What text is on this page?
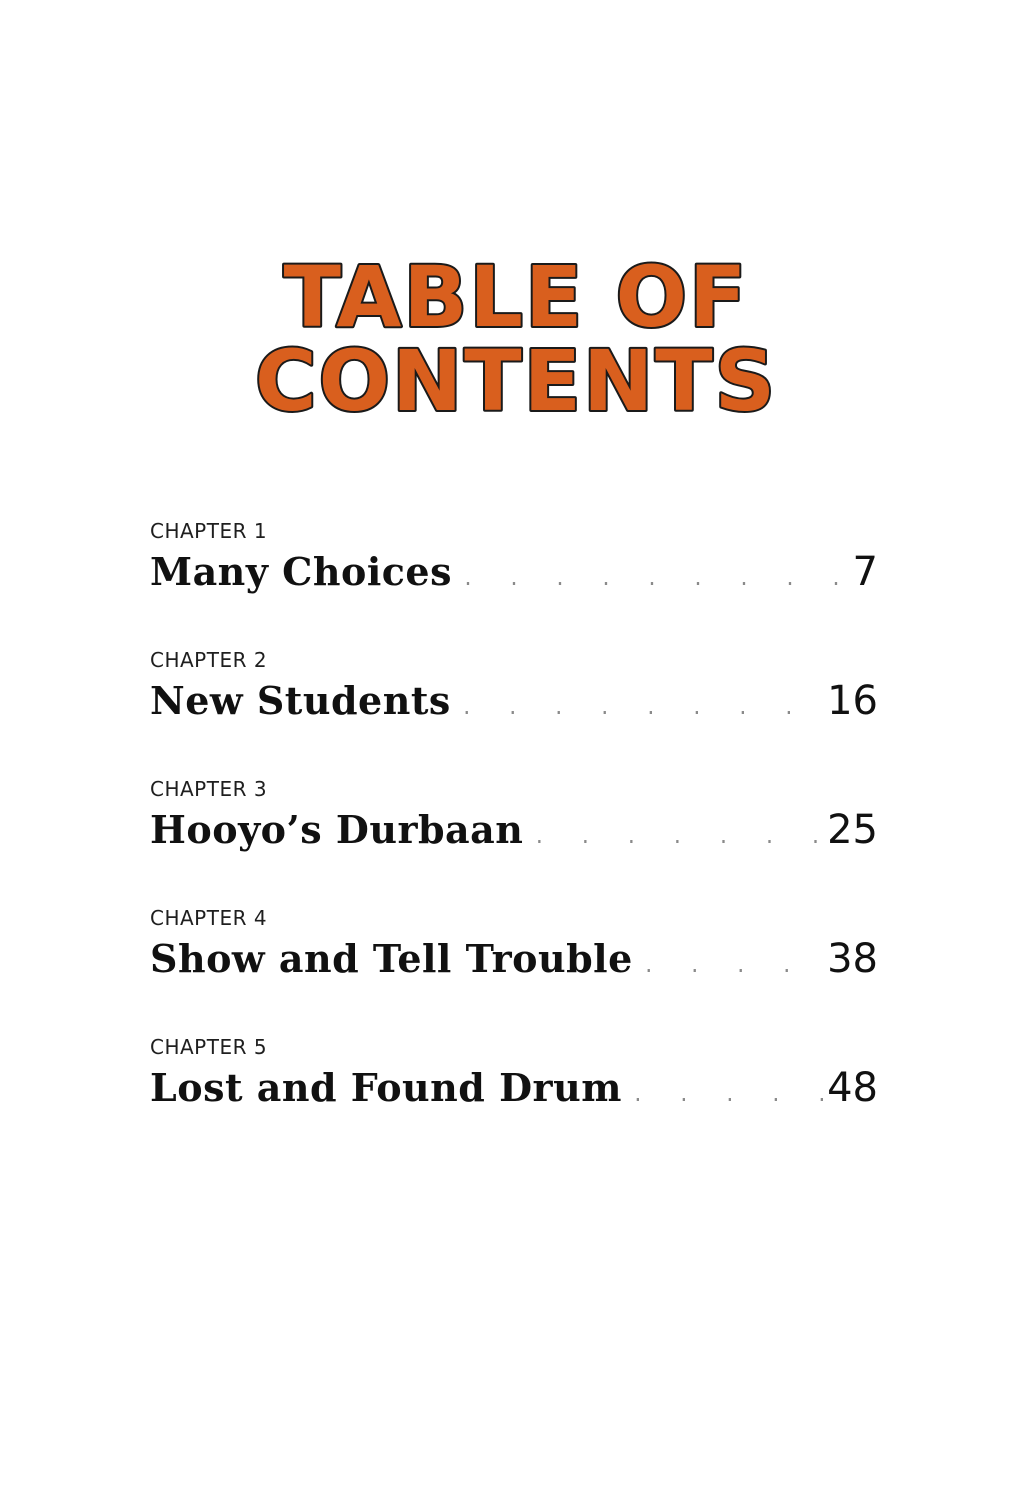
TABLE OF
CONTENTS
CHAPTER 1
Many Choices . . .	7
CHAPTER 2
New Students . . .	16
CHAPTER 3
Hooyo’s Durbaan . . .	25
CHAPTER 4
Show and Tell Trouble . . .	38
CHAPTER 5
Lost and Found Drum . . .	48
